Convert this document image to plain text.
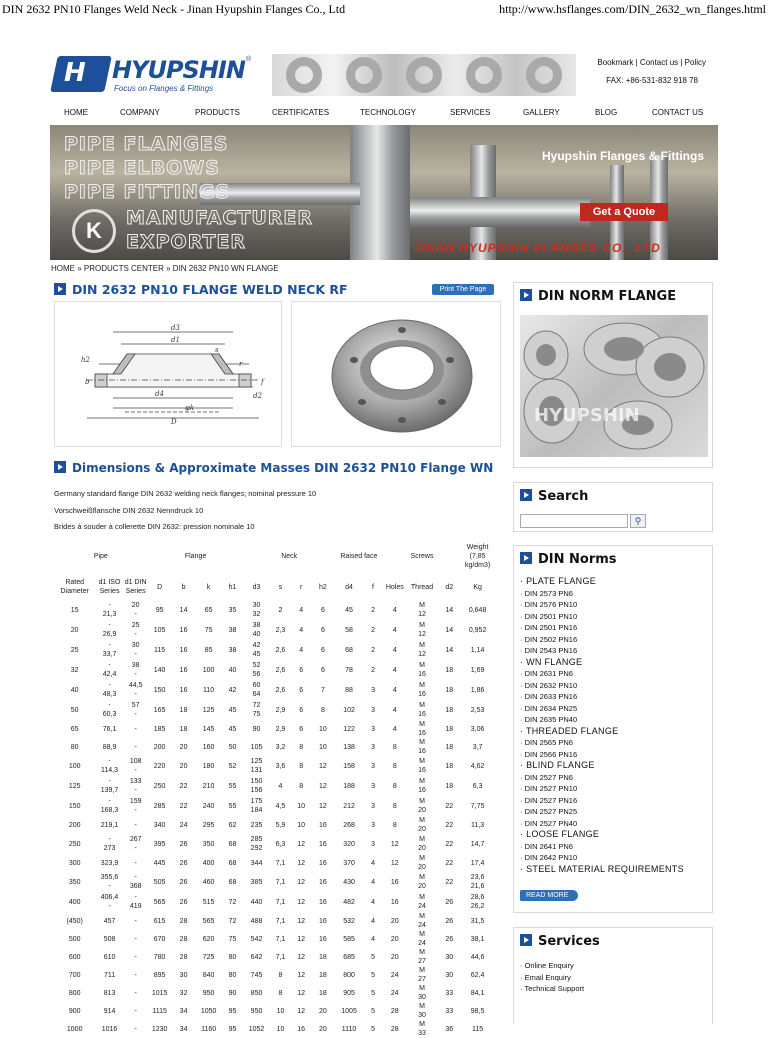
DIN 2632 PN10 Flanges Weld Neck - Jinan Hyupshin Flanges Co., Ltd	http://www.hsflanges.com/DIN_2632_wn_flanges.html
H HYUPSHIN ®
Focus on Flanges & Fittings
Bookmark | Contact us | Policy
FAX: +86-531-832 918 78
HOME	COMPANY	PRODUCTS	CERTIFICATES	TECHNOLOGY	SERVICES	GALLERY	BLOG	CONTACT US
PIPE FLANGES
PIPE ELBOWS
PIPE FITTINGS
MANUFACTURER
EXPORTER
K
Hyupshin Flanges & Fittings
Get a Quote
JINAN HYUPSHIN FLANGES CO., LTD
HOME » PRODUCTS CENTER » DIN 2632 PN10 WN FLANGE
DIN 2632 PN10 FLANGE WELD NECK RF	Print The Page
d3
d1
s
r
h2
f
b
d4	d2
φk
D
Dimensions & Approximate Masses DIN 2632 PN10 Flange WN
Germany standard flange DIN 2632 welding neck flanges; nominal pressure 10
Vorschweißflansche DIN 2632 Nenndruck 10
Brides à souder à collerette DIN 2632: pression nominale 10
Pipe			Flange				Neck				Raised face		Screws			Weight (7,85 kg/dm3)
Rated Diameter	d1 ISO Series	d1 DIN Series	D	b	k	h1	d3	s	r	h2	d4	f	Holes	Thread	d2	Kg
15	- 21,3	20 -	95	14	65	35	30 32	2	4	6	45	2	4	M 12	14	0,648
20	- 26,9	25 -	105	16	75	38	38 40	2,3	4	6	58	2	4	M 12	14	0,952
25	- 33,7	30 -	115	16	85	38	42 45	2,6	4	6	68	2	4	M 12	14	1,14
32	- 42,4	38 -	140	16	100	40	52 56	2,6	6	6	78	2	4	M 16	18	1,69
40	- 48,3	44,5 -	150	16	110	42	60 64	2,6	6	7	88	3	4	M 16	18	1,86
50	- 60,3	57 -	165	18	125	45	72 75	2,9	6	8	102	3	4	M 16	18	2,53
65	76,1	-	185	18	145	45	90	2,9	6	10	122	3	4	M 16	18	3,06
80	88,9	-	200	20	160	50	105	3,2	8	10	138	3	8	M 16	18	3,7
100	- 114,3	108 -	220	20	180	52	125 131	3,6	8	12	158	3	8	M 16	18	4,62
125	- 139,7	133 -	250	22	210	55	150 156	4	8	12	188	3	8	M 16	18	6,3
150	- 168,3	159 -	285	22	240	55	175 184	4,5	10	12	212	3	8	M 20	22	7,75
200	219,1	-	340	24	295	62	235	5,9	10	16	268	3	8	M 20	22	11,3
250	- 273	267 -	395	26	350	68	285 292	6,3	12	16	320	3	12	M 20	22	14,7
300	323,9	-	445	26	400	68	344	7,1	12	16	370	4	12	M 20	22	17,4
350	355,6 -	- 368	505	26	460	68	385	7,1	12	16	430	4	16	M 20	22	23,6 21,6
400	406,4 -	- 419	565	26	515	72	440	7,1	12	16	482	4	16	M 24	26	28,6 26,2
(450)	457	-	615	28	565	72	488	7,1	12	16	532	4	20	M 24	26	31,5
500	508	-	670	28	620	75	542	7,1	12	16	585	4	20	M 24	26	38,1
600	610	-	780	28	725	80	642	7,1	12	18	685	5	20	M 27	30	44,6
700	711	-	895	30	840	80	745	8	12	18	800	5	24	M 27	30	62,4
800	813	-	1015	32	950	90	850	8	12	18	905	5	24	M 30	33	84,1
900	914	-	1115	34	1050	95	950	10	12	20	1005	5	28	M 30	33	98,5
1000	1016	-	1230	34	1160	95	1052	10	16	20	1110	5	28	M 33	36	115
DIN NORM FLANGE
HYUPSHIN
Search
⚲
DIN Norms
· PLATE FLANGE
· DIN 2573 PN6
· DIN 2576 PN10
· DIN 2501 PN10
· DIN 2501 PN16
· DIN 2502 PN16
· DIN 2543 PN16
· WN FLANGE
· DIN 2631 PN6
· DIN 2632 PN10
· DIN 2633 PN16
· DIN 2634 PN25
· DIN 2635 PN40
· THREADED FLANGE
· DIN 2565 PN6
· DIN 2566 PN16
· BLIND FLANGE
· DIN 2527 PN6
· DIN 2527 PN10
· DIN 2527 PN16
· DIN 2527 PN25
· DIN 2527 PN40
· LOOSE FLANGE
· DIN 2641 PN6
· DIN 2642 PN10
· STEEL MATERIAL REQUIREMENTS
READ MORE
Services
· Online Enquiry
· Email Enquiry
· Technical Support
